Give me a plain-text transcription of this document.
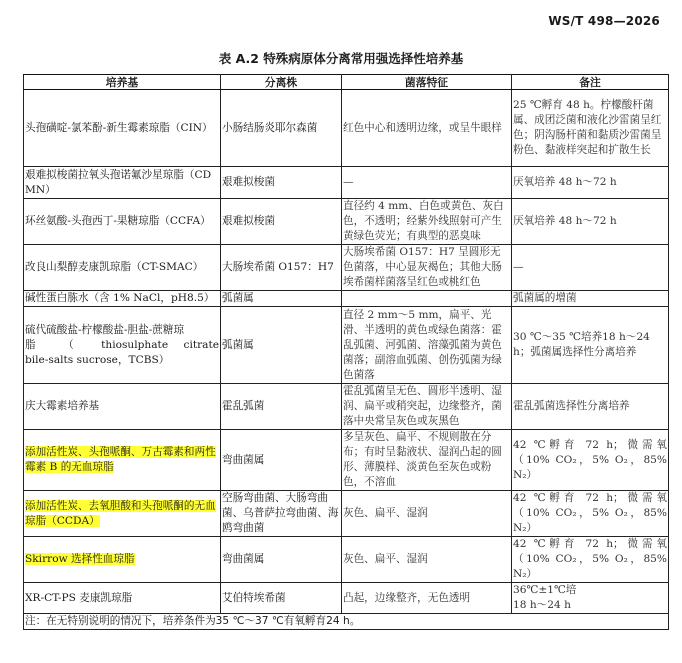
WS/T 498—2026
表 A.2 特殊病原体分离常用强选择性培养基
培养基	分离株	菌落特征	备注
头孢磺啶-氯苯酚-新生霉素琼脂（CIN）	小肠结肠炎耶尔森菌	红色中心和透明边缘，或呈牛眼样	25 ℃孵育 48 h。柠檬酸杆菌属、成团泛菌和液化沙雷菌呈红色；阴沟肠杆菌和黏质沙雷菌呈粉色、黏液样突起和扩散生长
艰难拟梭菌拉氧头孢诺氟沙星琼脂（CDMN）	艰难拟梭菌	—	厌氧培养 48 h～72 h
环丝氨酸-头孢西丁-果糖琼脂（CCFA）	艰难拟梭菌	直径约 4 mm、白色或黄色、灰白色，不透明；经紫外线照射可产生黄绿色荧光；有典型的恶臭味	厌氧培养 48 h～72 h
改良山梨醇麦康凯琼脂（CT-SMAC）	大肠埃希菌 O157：H7	大肠埃希菌 O157：H7 呈圆形无色菌落，中心显灰褐色；其他大肠埃希菌样菌落呈红色或桃红色	—
碱性蛋白胨水（含 1% NaCl，pH8.5）	弧菌属		弧菌属的增菌

硫代硫酸盐-柠檬酸盐-胆盐-蔗糖琼
脂 （ thiosulphate citrate
bile-salts sucrose，TCBS）	弧菌属	直径 2 mm～5 mm，扁平、光滑、半透明的黄色或绿色菌落：霍乱弧菌、河弧菌、溶藻弧菌为黄色菌落；副溶血弧菌、创伤弧菌为绿色菌落	30 ℃～35 ℃培养18 h～24 h；弧菌属选择性分离培养
庆大霉素培养基	霍乱弧菌	霍乱弧菌呈无色、圆形半透明、湿润、扁平或稍突起，边缘整齐，菌落中央常呈灰色或灰黑色	霍乱弧菌选择性分离培养
添加活性炭、头孢哌酮、万古霉素和两性霉素 B 的无血琼脂	弯曲菌属	多呈灰色、扁平、不规则散在分布；有时呈黏液状、湿润凸起的圆形、薄膜样、淡黄色至灰色或粉色，不溶血	42 ℃孵育 72 h；微需氧
（10% CO₂，5% O₂，85%
N₂）

添加活性炭、去氧胆酸和头孢哌酮的无血琼脂（CCDA）	空肠弯曲菌、大肠弯曲菌、乌普萨拉弯曲菌、海鸥弯曲菌	灰色、扁平、湿润	42 ℃孵育 72 h；微需氧
（10% CO₂，5% O₂，85%
N₂）

Skirrow 选择性血琼脂	弯曲菌属	灰色、扁平、湿润	42 ℃孵育 72 h；微需氧
（10% CO₂，5% O₂，85%
N₂）

XR-CT-PS 麦康凯琼脂	艾伯特埃希菌	凸起，边缘整齐，无色透明	36℃±1℃培
18 h～24 h

注：在无特别说明的情况下，培养条件为35 ℃～37 ℃有氧孵育24 h。			
